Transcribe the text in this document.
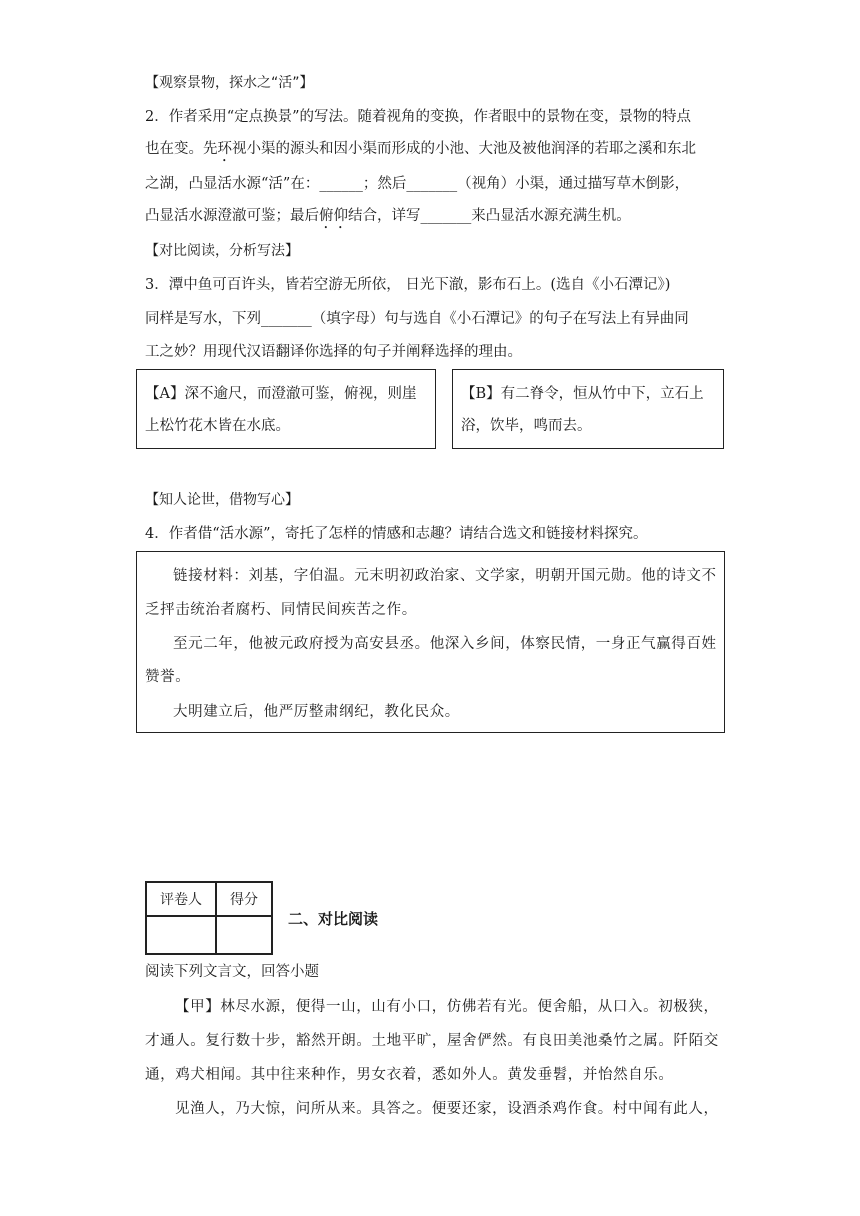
【观察景物，探水之“活”】
2．作者采用“定点换景”的写法。随着视角的变换，作者眼中的景物在变，景物的特点
也在变。先环视小渠的源头和因小渠而形成的小池、大池及被他润泽的若耶之溪和东北
之湖，凸显活水源“活”在：______；然后_______（视角）小渠，通过描写草木倒影，
凸显活水源澄澈可鉴；最后俯仰结合，详写_______来凸显活水源充满生机。
【对比阅读，分析写法】
3．潭中鱼可百许头，皆若空游无所依， 日光下澈，影布石上。(选自《小石潭记》)
同样是写水，下列_______（填字母）句与选自《小石潭记》的句子在写法上有异曲同
工之妙？用现代汉语翻译你选择的句子并阐释选择的理由。
【A】深不逾尺，而澄澈可鉴，俯视，则崖
上松竹花木皆在水底。
【B】有二脊令，恒从竹中下，立石上
浴，饮毕，鸣而去。
【知人论世，借物写心】
4．作者借“活水源”，寄托了怎样的情感和志趣？请结合选文和链接材料探究。
链接材料：刘基，字伯温。元末明初政治家、文学家，明朝开国元勋。他的诗文不
乏抨击统治者腐朽、同情民间疾苦之作。
至元二年，他被元政府授为高安县丞。他深入乡间，体察民情，一身正气赢得百姓
赞誉。
大明建立后，他严厉整肃纲纪，教化民众。
评卷人	得分

二、对比阅读
阅读下列文言文，回答小题
【甲】林尽水源，便得一山，山有小口，仿佛若有光。便舍船，从口入。初极狭，
才通人。复行数十步，豁然开朗。土地平旷，屋舍俨然。有良田美池桑竹之属。阡陌交
通，鸡犬相闻。其中往来种作，男女衣着，悉如外人。黄发垂髫，并怡然自乐。
见渔人，乃大惊，问所从来。具答之。便要还家，设酒杀鸡作食。村中闻有此人，
